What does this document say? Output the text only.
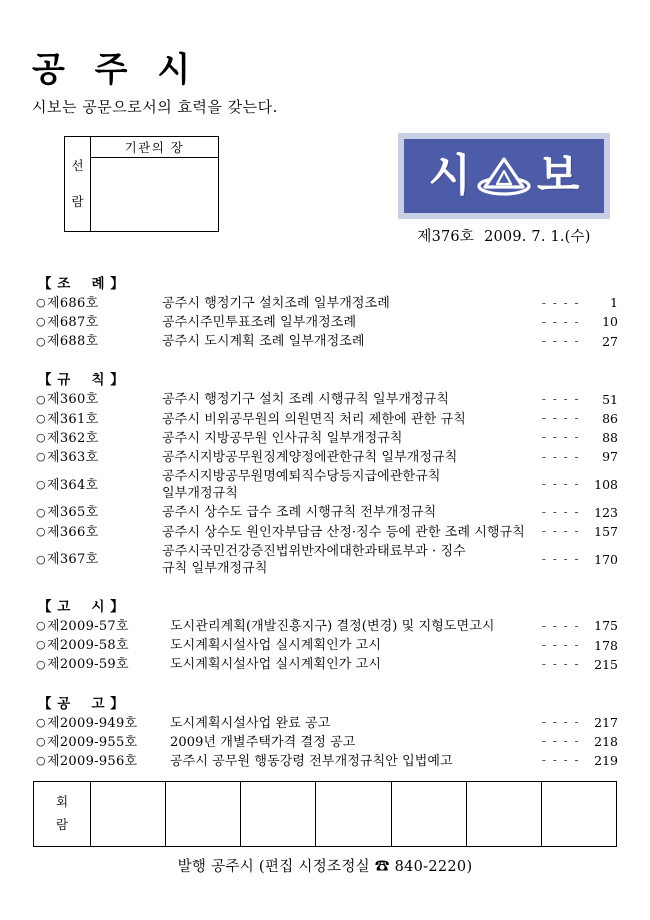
공 주 시

시보는 공문으로서의 효력을 갖는다.

선
람
기관의 장
시 보
제376호 2009. 7. 1.(수)
【 조    례 】
○제686호	공주시 행정기구 설치조례 일부개정조례	- - - -	1
○제687호	공주시주민투표조례 일부개정조례	- - - -	10
○제688호	공주시 도시계획 조례 일부개정조례	- - - -	27
【 규    칙 】
○제360호	공주시 행정기구 설치 조례 시행규칙 일부개정규칙	- - - -	51
○제361호	공주시 비위공무원의 의원면직 처리 제한에 관한 규칙	- - - -	86
○제362호	공주시 지방공무원 인사규칙 일부개정규칙	- - - -	88
○제363호	공주시지방공무원징계양정에관한규칙 일부개정규칙	- - - -	97
○제364호
공주시지방공무원명예퇴직수당등지급에관한규칙
일부개정규칙
- - - -	108
○제365호	공주시 상수도 급수 조례 시행규칙 전부개정규칙	- - - -	123
○제366호	공주시 상수도 원인자부담금 산정·징수 등에 관한 조례 시행규칙	- - - -	157
○제367호
공주시국민건강증진법위반자에대한과태료부과 · 징수
규칙 일부개정규칙
- - - -	170
【 고    시 】
○제2009-57호	도시관리계획(개발진흥지구) 결정(변경) 및 지형도면고시	- - - -	175
○제2009-58호	도시계획시설사업 실시계획인가 고시	- - - -	178
○제2009-59호	도시계획시설사업 실시계획인가 고시	- - - -	215
【 공    고 】
○제2009-949호	도시계획시설사업 완료 공고	- - - -	217
○제2009-955호	2009년 개별주택가격 결정 공고	- - - -	218
○제2009-956호	공주시 공무원 행동강령 전부개정규칙안 입법예고	- - - -	219
회
람
발행 공주시 (편집 시정조정실 ☎ 840-2220)
